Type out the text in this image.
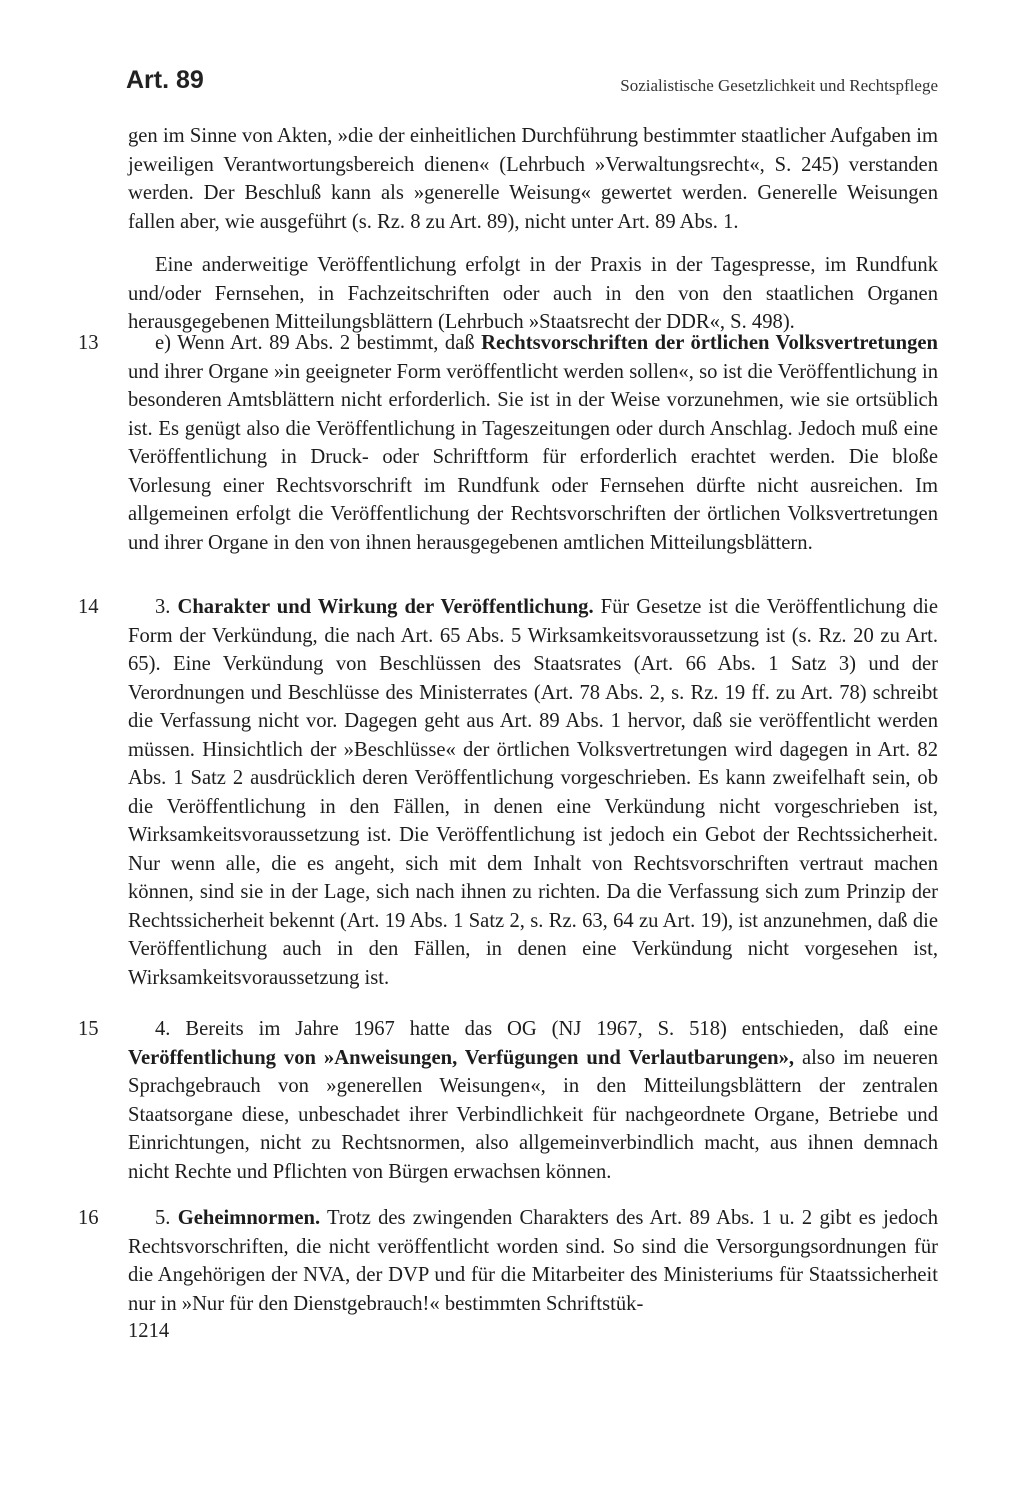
Art. 89	Sozialistische Gesetzlichkeit und Rechtspflege

gen im Sinne von Akten, »die der einheitlichen Durchführung bestimmter staatlicher Aufgaben im jeweiligen Verantwortungsbereich dienen« (Lehrbuch »Verwaltungsrecht«, S. 245) verstanden werden. Der Beschluß kann als »generelle Weisung« gewertet werden. Generelle Weisungen fallen aber, wie ausgeführt (s. Rz. 8 zu Art. 89), nicht unter Art. 89 Abs. 1.

Eine anderweitige Veröffentlichung erfolgt in der Praxis in der Tagespresse, im Rundfunk und/oder Fernsehen, in Fachzeitschriften oder auch in den von den staatlichen Organen herausgegebenen Mitteilungsblättern (Lehrbuch »Staatsrecht der DDR«, S. 498).

13	e) Wenn Art. 89 Abs. 2 bestimmt, daß Rechtsvorschriften der örtlichen Volksvertretungen und ihrer Organe »in geeigneter Form veröffentlicht werden sollen«, so ist die Veröffentlichung in besonderen Amtsblättern nicht erforderlich. Sie ist in der Weise vorzunehmen, wie sie ortsüblich ist. Es genügt also die Veröffentlichung in Tageszeitungen oder durch Anschlag. Jedoch muß eine Veröffentlichung in Druck- oder Schriftform für erforderlich erachtet werden. Die bloße Vorlesung einer Rechtsvorschrift im Rundfunk oder Fernsehen dürfte nicht ausreichen. Im allgemeinen erfolgt die Veröffentlichung der Rechtsvorschriften der örtlichen Volksvertretungen und ihrer Organe in den von ihnen herausgegebenen amtlichen Mitteilungsblättern.

14	3. Charakter und Wirkung der Veröffentlichung. Für Gesetze ist die Veröffentlichung die Form der Verkündung, die nach Art. 65 Abs. 5 Wirksamkeitsvoraussetzung ist (s. Rz. 20 zu Art. 65). Eine Verkündung von Beschlüssen des Staatsrates (Art. 66 Abs. 1 Satz 3) und der Verordnungen und Beschlüsse des Ministerrates (Art. 78 Abs. 2, s. Rz. 19 ff. zu Art. 78) schreibt die Verfassung nicht vor. Dagegen geht aus Art. 89 Abs. 1 hervor, daß sie veröffentlicht werden müssen. Hinsichtlich der »Beschlüsse« der örtlichen Volksvertretungen wird dagegen in Art. 82 Abs. 1 Satz 2 ausdrücklich deren Veröffentlichung vorgeschrieben. Es kann zweifelhaft sein, ob die Veröffentlichung in den Fällen, in denen eine Verkündung nicht vorgeschrieben ist, Wirksamkeitsvoraussetzung ist. Die Veröffentlichung ist jedoch ein Gebot der Rechtssicherheit. Nur wenn alle, die es angeht, sich mit dem Inhalt von Rechtsvorschriften vertraut machen können, sind sie in der Lage, sich nach ihnen zu richten. Da die Verfassung sich zum Prinzip der Rechtssicherheit bekennt (Art. 19 Abs. 1 Satz 2, s. Rz. 63, 64 zu Art. 19), ist anzunehmen, daß die Veröffentlichung auch in den Fällen, in denen eine Verkündung nicht vorgesehen ist, Wirksamkeitsvoraussetzung ist.

15	4. Bereits im Jahre 1967 hatte das OG (NJ 1967, S. 518) entschieden, daß eine Veröffentlichung von »Anweisungen, Verfügungen und Verlautbarungen», also im neueren Sprachgebrauch von »generellen Weisungen«, in den Mitteilungsblättern der zentralen Staatsorgane diese, unbeschadet ihrer Verbindlichkeit für nachgeordnete Organe, Betriebe und Einrichtungen, nicht zu Rechtsnormen, also allgemeinverbindlich macht, aus ihnen demnach nicht Rechte und Pflichten von Bürgen erwachsen können.

16	5. Geheimnormen. Trotz des zwingenden Charakters des Art. 89 Abs. 1 u. 2 gibt es jedoch Rechtsvorschriften, die nicht veröffentlicht worden sind. So sind die Versorgungsordnungen für die Angehörigen der NVA, der DVP und für die Mitarbeiter des Ministeriums für Staatssicherheit nur in »Nur für den Dienstgebrauch!« bestimmten Schriftstük-

1214
